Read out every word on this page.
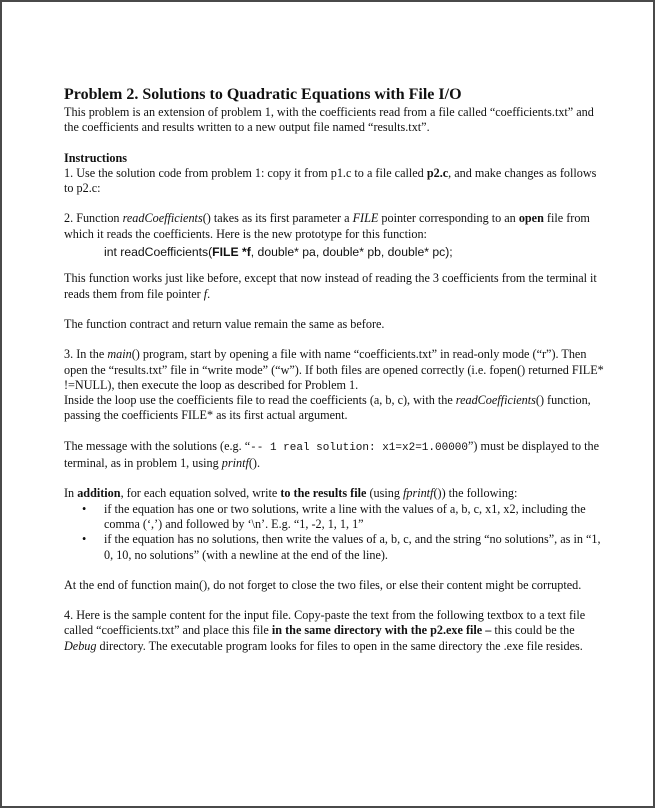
Problem 2. Solutions to Quadratic Equations with File I/O

This problem is an extension of problem 1, with the coefficients read from a file called “coefficients.txt” and the coefficients and results written to a new output file named “results.txt”.

Instructions

1. Use the solution code from problem 1: copy it from p1.c to a file called p2.c, and make changes as follows to p2.c:

2. Function readCoefficients() takes as its first parameter a FILE pointer corresponding to an open file from which it reads the coefficients. Here is the new prototype for this function:

int readCoefficients(FILE *f, double* pa, double* pb, double* pc);

This function works just like before, except that now instead of reading the 3 coefficients from the terminal it reads them from file pointer f.

The function contract and return value remain the same as before.

3. In the main() program, start by opening a file with name “coefficients.txt” in read-only mode (“r”). Then open the “results.txt” file in “write mode” (“w”). If both files are opened correctly (i.e. fopen() returned FILE* !=NULL), then execute the loop as described for Problem 1.
Inside the loop use the coefficients file to read the coefficients (a, b, c), with the readCoefficients() function, passing the coefficients FILE* as its first actual argument.

The message with the solutions (e.g. “-- 1 real solution: x1=x2=1.00000”) must be displayed to the terminal, as in problem 1, using printf().

In addition, for each equation solved, write to the results file (using fprintf()) the following:

• if the equation has one or two solutions, write a line with the values of a, b, c, x1, x2, including the comma (‘,’) and followed by ‘\n’. E.g. “1, -2, 1, 1, 1”
• if the equation has no solutions, then write the values of a, b, c, and the string “no solutions”, as in “1, 0, 10, no solutions” (with a newline at the end of the line).

At the end of function main(), do not forget to close the two files, or else their content might be corrupted.

4. Here is the sample content for the input file. Copy-paste the text from the following textbox to a text file called “coefficients.txt” and place this file in the same directory with the p2.exe file – this could be the Debug directory. The executable program looks for files to open in the same directory the .exe file resides.
